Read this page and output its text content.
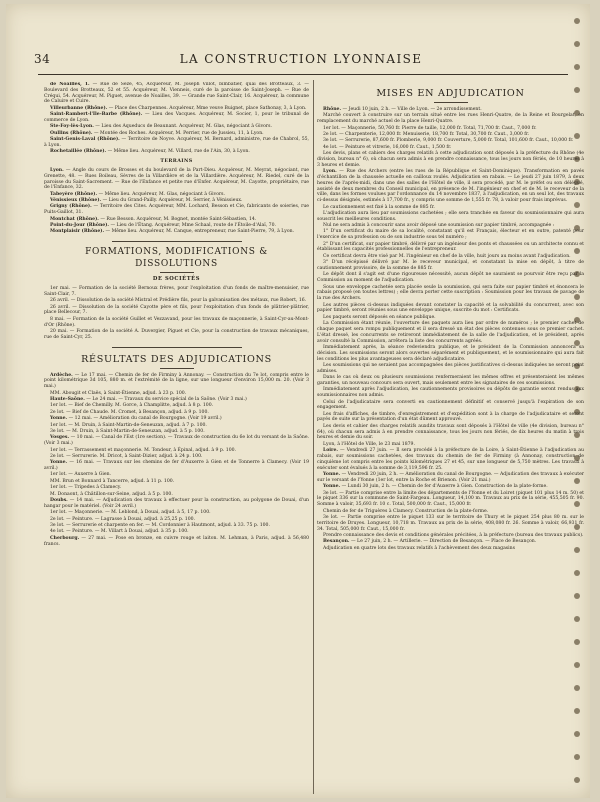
34	LA CONSTRUCTION LYONNAISE

de Noailles, 1. — Rue de Sèze, 45, Acquéreur, M. Joseph Villot, bimbatier, quai des Brotteaux, 3. — Boulevard des Brotteaux, 52 et 55. Acquéreur, M. Vienneis, curé de la paroisse de Saint-Joseph. — Rue de Créqui, 54. Acquéreur, M. Piguet, avenue de Noailles, 39. — Grande rue Saint-Clair, 16. Acquéreur, la commune de Caluire et Cuire.

Villeurbanne (Rhône). — Place des Charpennes. Acquéreur, Mme veuve Buignet, place Sathonay, 3, à Lyon.

Saint-Rambert-l'Ile-Barbe (Rhône). — Lieu des Vacques. Acquéreur, M. Socier, 1, pour le tribunal de commerce de Lyon.

Ste-Foy-lès-Lyon. — Lieu des Aqueducs de Beaunant. Acquéreur, M. Glas, négociant à Givors.

Oullins (Rhône). — Montée des Roches. Acquéreur, M. Perrier, rue de Jussieu, 11, à Lyon.

Saint-Genis-Laval (Rhône). — Territoire de Noyve. Acquéreur, M. Bernard, administre, rue de Chabrol, 55, à Lyon.

Rochetaillée (Rhône). — Même lieu. Acquéreur, M. Villard, rue de l'Ain, 30, à Lyon.

TERRAINS

Lyon. — Angle du cours de Brosses et du boulevard de la Part-Dieu. Acquéreur, M. Meyrat, négociant, rue Grenette, 48. — Rues Boileau, Sèvres de la Villardière et de la Villardière. Acquéreur, M. Riedel, curé de la paroisse du Saint-Sacrement. — Rue de l'Enfance et petite rue d'Enfer. Acquéreur, M. Cayotte, propriétaire, rue de l'Enfance, 32.

Tabeyère (Rhône). — Même lieu. Acquéreur, M. Glas, négociant à Givors.

Vénissieux (Rhône). — Lieu du Grand-Pailly. Acquéreur, M. Serrier, à Vénissieux.

Grigny (Rhône). — Territoire des Cites. Acquéreur, MM. Lochard, Besson et Cie, fabricants de soieries, rue Puits-Gaillot, 31.

Montchat (Rhône). — Rue Besson. Acquéreur, M. Bognet, montée Saint-Sébastien, 14.

Point-du-Jour (Rhône). — Lieu de l'Étang. Acquéreur, Mme Schaal, route de l'Étoile-d'Alaï, 70.

Montplaisir (Rhône). — Même lieu. Acquéreur, M. Canque, entrepreneur, rue Saint-Pierre, 79, à Lyon.

FORMATIONS, MODIFICATIONS & DISSOLUTIONS
DE SOCIÉTÉS

1er mai. — Formation de la société Bernoux frères, pour l'exploitation d'un fonds de maître-menuisier, rue Saint-Clair, 7.

26 avril. — Dissolution de la société Mistral et Prédière fils, pour la galvanisation des métaux, rue Robert, 16.

26 avril. — Dissolution de la société Cayotte père et fils, pour l'exploitation d'un fonds de plâtrier-plâtrier, place Bellecour, 7.

8 mai. — Formation de la société Guillet et Vezzavand, pour les travaux de maçonnerie, à Saint-Cyr-au-Mont-d'Or (Rhône).

20 mai. — Formation de la société A. Duvergier, Piguet et Cie, pour la construction de travaux mécaniques, rue de Saint-Cyr, 25.

RÉSULTATS DES ADJUDICATIONS

Ardèche. — Le 17 mai. — Chemin de fer de Firminy à Annonay. — Construction du 7e lot, compris entre le point kilométrique 3d 105, 880 m. et l'extrémité de la ligne, sur une longueur d'environ 15,000 m. 20. (Voir 3 mai.)

MM. Abougit et Claës, à Saint-Étienne, adjud. à 23 p. 100.

Haute-Saône. — Le 24 mai. — Travaux du service spécial de la Saône. (Voir 3 mai.)

1er lot. — Bief de Chemilly. M. Gorce, à Champlitte, adjud. à 8 p. 100.

2e lot. — Bief de Chaude. M. Cromet, à Besançon, adjud. à 9 p. 100.

Yonne. — 12 mai. — Amélioration du canal de Bourgogne. (Voir 19 avril.)

1er lot. — M. Druin, à Saint-Martin-de-Seneuzan, adjud. à 7 p. 100.

3e lot. — M. Druin, à Saint-Martin-de-Seneuzan, adjud. à 5 p. 100.

Vosges. — 10 mai. — Canal de l'Est (1re section). — Travaux de construction du 6e lot du versant de la Saône. (Voir 3 mai.)

1er lot. — Terrassement et maçonnerie. M. Tondeur, à Épinal, adjud. à 9 p. 100.

2e lot. — Serrurerie. M. Dricot, à Saint-Dizier, adjud. à 24 p. 100.

Yonne. — 16 mai. — Travaux sur les chemins de fer d'Auxerre à Gien et de Tonnerre à Clamecy. (Voir 19 avril.)

1er lot. — Auxerre à Gien.

MM. Brun et Bonnard à Tancerre, adjud. à 11 p. 100.

1er lot. — Tripedes à Clamecy.

M. Donaont, à Châtillon-sur-Seine, adjud. à 5 p. 100.

Doubs. — 14 mai. — Adjudication des travaux à effectuer pour la construction, au polygone de Douai, d'un hangar pour le matériel. (Voir 24 avril.)

1er lot. — Maçonnerie. — M. Leblond, à Douai, adjud. à 5, 17 p. 100.

2e lot. — Peinture. — Lagrasse à Douai, adjud. à 25,25 p. 100.

3e lot. — Serrurerie et charpente en fer. — M. Cordonnier à Hautmont, adjud. à 33. 75 p. 100.

4e lot. — Peinture. — M. Villart à Douai, adjud. à 35 p. 100.

Cherbourg. — 27 mai. — Pose en bronze, en cuivre rouge et laiton. M. Lehman, à Paris, adjud. à 56,480 francs.

MISES EN ADJUDICATION

Rhône. — Jeudi 10 juin, 2 h. — Ville de Lyon. — 2e arrondissement.

Marché couvert à construire sur un terrain situé entre les rues Henri-Quatre, de la Reine et Bourgelat, en remplacement du marché actuel de la place Henri-Quatre.

1er lot. — Maçonnerie, 50,760 fr. Pierre de taille, 12,000 fr. Total, 71,700 fr. Caut., 7,000 fr.

2e lot. — Charpenterie, 12,000 fr. Menuiserie, 18,700 fr. Total, 30,700 fr. Caut., 3,000 fr.

3e lot. — Serrurerie, 87,600 fr. Plomberie, 9,000 fr. Couverture, 5,000 fr. Total, 101,600 fr. Caut., 10,000 fr.

4e lot. — Peinture et vitrerie, 16,000 fr. Caut., 1,500 fr.

Les devis, plans et cahiers des charges relatifs à cette adjudication sont déposés à la préfecture du Rhône (4e division, bureau n° 6), où chacun sera admis à en prendre connaissance, tous les jours non fériés, de 10 heures à 3 heures et demie.

Lyon. — Rue des Archers (entre les rues de la République et Saint-Dominique). Transformation en pavés d'échantillon de la chaussée actuelle en cailloux roulés. Adjudication en rabais. — Le jeudi 27 juin 1879, à deux heures de l'après-midi, dans une des salles de l'Hôtel de ville, il sera procédé, par M. le préfet ou son délégué, assisté de deux membres du Conseil municipal, en présence de M. l'ingénieur en chef et de M. le receveur de la ville, dans les formes voulues par l'ordonnance du 14 novembre 1837, à l'adjudication, en un seul lot, des travaux ci-dessus désignés, estimés à 17,700 fr., y compris une somme de 1,555 fr. 78, à valoir pour frais imprévus.

Le cautionnement est fixé à la somme de 885 fr.

L'adjudication aura lieu par soumissions cachetées ; elle sera tranchée en faveur du soumissionnaire qui aura souscrit les meilleures conditions.

Nul ne sera admis à concourir sans avoir déposé une soumission sur papier timbré, accompagnée :

1° D'un certificat du maire de sa localité, constatant qu'il est Français, électeur et en outre, patenté pour l'exercice de sa profession ou de son industrie sous tel numéro ;

2° D'un certificat, sur papier timbré, délivré par un ingénieur des ponts et chaussées ou un architecte connu et établissant les capacités professionnelles de l'entrepreneur.

Ce certificat devra être visé par M. l'ingénieur en chef de la ville, huit jours au moins avant l'adjudication.

3° D'un récépissé délivré par M. le receveur municipal, et constatant la mise en dépôt, à titre de cautionnement provisoire, de la somme de 885 fr.

Le dépôt dont il s'agit est d'une rigoureuse nécessité, aucun dépôt ne sauraient se pourvoir être reçu par la Commission au moment de l'adjudication.

Sous une enveloppe cachetée sera placée seule la soumission, qui sera faite sur papier timbré et énoncera le rabais proposé (en toutes lettres) ; elle devra porter cette suscription : Soumission pour les travaux de pavage de la rue des Archers.

Les autres pièces ci-dessus indiquées devant constater la capacité et la solvabilité du concurrent, avec son papier timbré, seront réunies sous une enveloppe unique, suscrite du mot : Certificats.

Les paquets seront déposés en séance publique.

La Commission étant réunie, l'ouverture des paquets aura lieu par ordre de numéros ; le premier cachet de chaque paquet sera rompu publiquement et il sera dressé un état des pièces contenues sous ce premier cachet. L'état dressé, les concurrents se retireront immédiatement de la salle de l'adjudication, et le président, après avoir consulté la Commission, arrêtera la liste des concurrents agréés.

Immédiatement après, la séance redeviendra publique, et le président de la Commission annoncera sa décision. Les soumissions seront alors ouvertes séparément et publiquement, et le soumissionnaire qui aura fait les conditions les plus avantageuses sera déclaré adjudicataire.

Les soumissions qui ne seraient pas accompagnées des pièces justificatives ci-dessus indiquées ne seront point admises.

Dans le cas où deux ou plusieurs soumissions renfermeraient les mêmes offres et présenteraient les mêmes garanties, un nouveau concours sera ouvert, mais seulement entre les signataires de ces soumissions.

Immédiatement après l'adjudication, les cautionnements provisoires ou dépôts de garantie seront rendus aux soumissionnaires non admis.

Celui de l'adjudicataire sera converti en cautionnement définitif et conservé jusqu'à l'expiration de son engagement.

Les frais d'affiches, de timbre, d'enregistrement et d'expédition sont à la charge de l'adjudicataire et seront payés de suite sur la présentation d'un état dûment approuvé.

Les devis et cahier des charges relatifs auxdits travaux sont déposés à l'Hôtel de ville (4e division, bureau n° 64), où chacun sera admis à en prendre connaissance, tous les jours non fériés, de dix heures du matin à trois heures et demie du soir.

Lyon, à l'Hôtel de Ville, le 23 mai 1879.

Loire. — Vendredi 27 juin. — Il sera procédé à la préfecture de la Loire, à Saint-Étienne à l'adjudication au rabais, sur soumissions cachetées, des travaux du chemin de fer de Firminy (à Annonay, construction de cinquième lot compris entre les points kilométriques 27 et 45, sur une longueur de 5,750 mètres. Les travaux à exécuter sont évalués à la somme de 3,119,596 fr. 25.

Yonne. — Vendredi 20 juin, 2 h. — Amélioration du canal de Bourgogne. — Adjudication des travaux à exécuter sur le versant de l'Yonne (1er lot, entre la Roche et Brienon. (Voir 21 mai.)

Yonne. — Lundi 30 juin, 2 h. — Chemin de fer d'Auxerre à Gien. Construction de la plate-forme.

3e lot. — Partie comprise entre la limite des départements de l'Yonne et du Loiret (piquet 101 plus 14 m. 50) et le piquet 336 sur la commune de Saint-Fargeau. Longueur, 14,100 m. Travaux au prix de la série, 455,505 fr. 90. Somme à valoir, 35,693 fr. 10 c. Total, 500,000 fr. Caut., 15,000 fr.

Chemin de fer de Triguères à Clamecy. Construction de la plate-forme.

3e lot. — Partie comprise entre le piquet 133 sur le territoire de Thury et le piquet 254 plus 80 m. sur le territoire de Druyes. Longueur, 10,718 m. Travaux au prix de la série, 408,080 fr. 26. Somme à valoir, 66,931 fr. 34. Total, 505,000 fr. Caut., 15,000 fr.

Prendre connaissance des devis et conditions générales précitées, à la préfecture (bureau des travaux publics).

Besançon. — Le 27 juin, 2 h. — Artillerie. — Direction de Besançon. — Place de Besançon.

Adjudication en quatre lots des travaux relatifs à l'achèvement des deux magasins
